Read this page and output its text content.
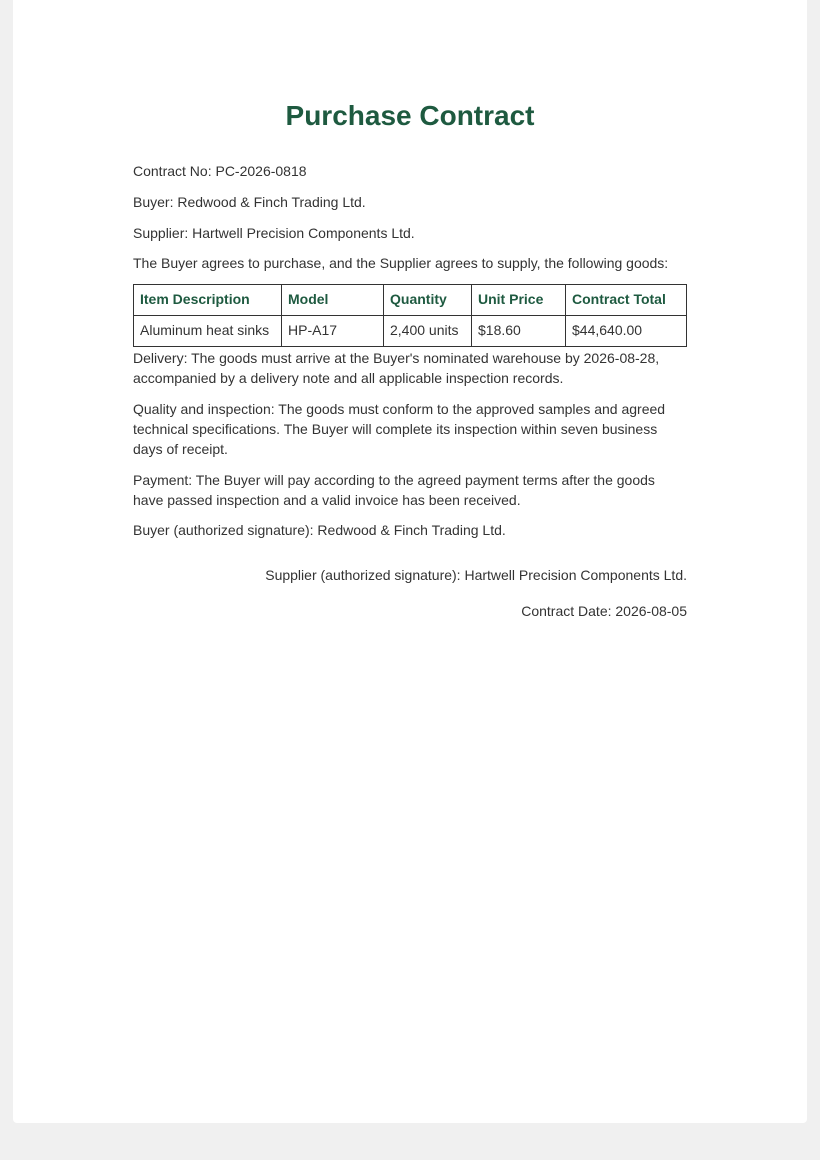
Purchase Contract

Contract No: PC-2026-0818

Buyer: Redwood & Finch Trading Ltd.

Supplier: Hartwell Precision Components Ltd.

The Buyer agrees to purchase, and the Supplier agrees to supply, the following goods:

Item Description	Model	Quantity	Unit Price	Contract Total
Aluminum heat sinks	HP-A17	2,400 units	$18.60	$44,640.00

Delivery: The goods must arrive at the Buyer's nominated warehouse by 2026-08-28, accompanied by a delivery note and all applicable inspection records.

Quality and inspection: The goods must conform to the approved samples and agreed technical specifications. The Buyer will complete its inspection within seven business days of receipt.

Payment: The Buyer will pay according to the agreed payment terms after the goods have passed inspection and a valid invoice has been received.

Buyer (authorized signature): Redwood & Finch Trading Ltd.

Supplier (authorized signature): Hartwell Precision Components Ltd.

Contract Date: 2026-08-05
